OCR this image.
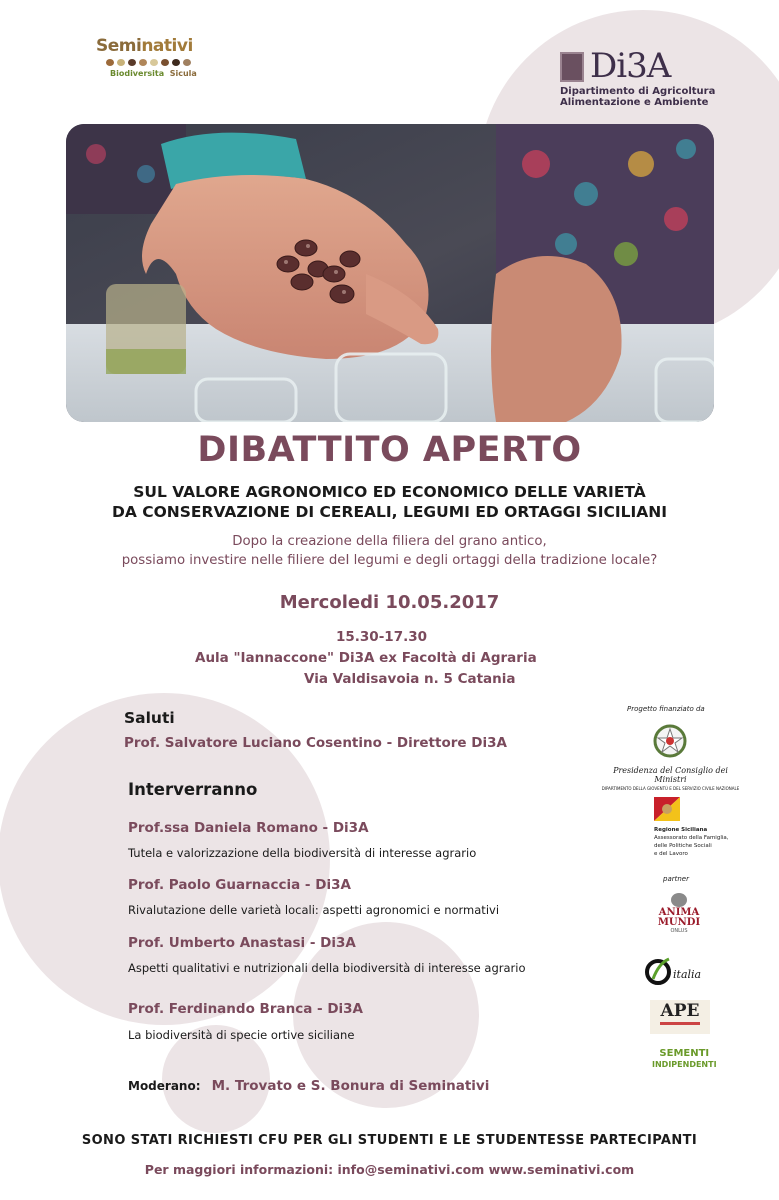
Seminativi
Biodiversita Sicula	Di3A
Dipartimento di Agricoltura
Alimentazione e Ambiente
DIBATTITO APERTO
SUL VALORE AGRONOMICO ED ECONOMICO DELLE VARIETÀ
DA CONSERVAZIONE DI CEREALI, LEGUMI ED ORTAGGI SICILIANI
Dopo la creazione della filiera del grano antico,
possiamo investire nelle filiere deI legumi e degli ortaggi della tradizione locale?
Mercoledi 10.05.2017
15.30-17.30
Aula "Iannaccone" Di3A ex Facoltà di Agraria
Via Valdisavoia n. 5 Catania
Saluti
Prof. Salvatore Luciano Cosentino - Direttore Di3A
Interverranno
Prof.ssa Daniela Romano - Di3A
Tutela e valorizzazione della biodiversità di interesse agrario
Prof. Paolo Guarnaccia - Di3A
Rivalutazione delle varietà locali: aspetti agronomici e normativi
Prof. Umberto Anastasi - Di3A
Aspetti qualitativi e nutrizionali della biodiversità di interesse agrario
Prof. Ferdinando Branca - Di3A
La biodiversità di specie ortive siciliane
Moderano: M. Trovato e S. Bonura di Seminativi
Progetto finanziato da
Presidenza del Consiglio dei Ministri
DIPARTIMENTO DELLA GIOVENTÙ E DEL SERVIZIO CIVILE NAZIONALE
Regione Siciliana
Assessorato della Famiglia,
delle Politiche Sociali
e del Lavoro
partner
ANIMA MUNDI
ONLUS
italia
APE
SEMENTI
INDIPENDENTI
SONO STATI RICHIESTI CFU PER GLI STUDENTI E LE STUDENTESSE PARTECIPANTI
Per maggiori informazioni: info@seminativi.com www.seminativi.com
